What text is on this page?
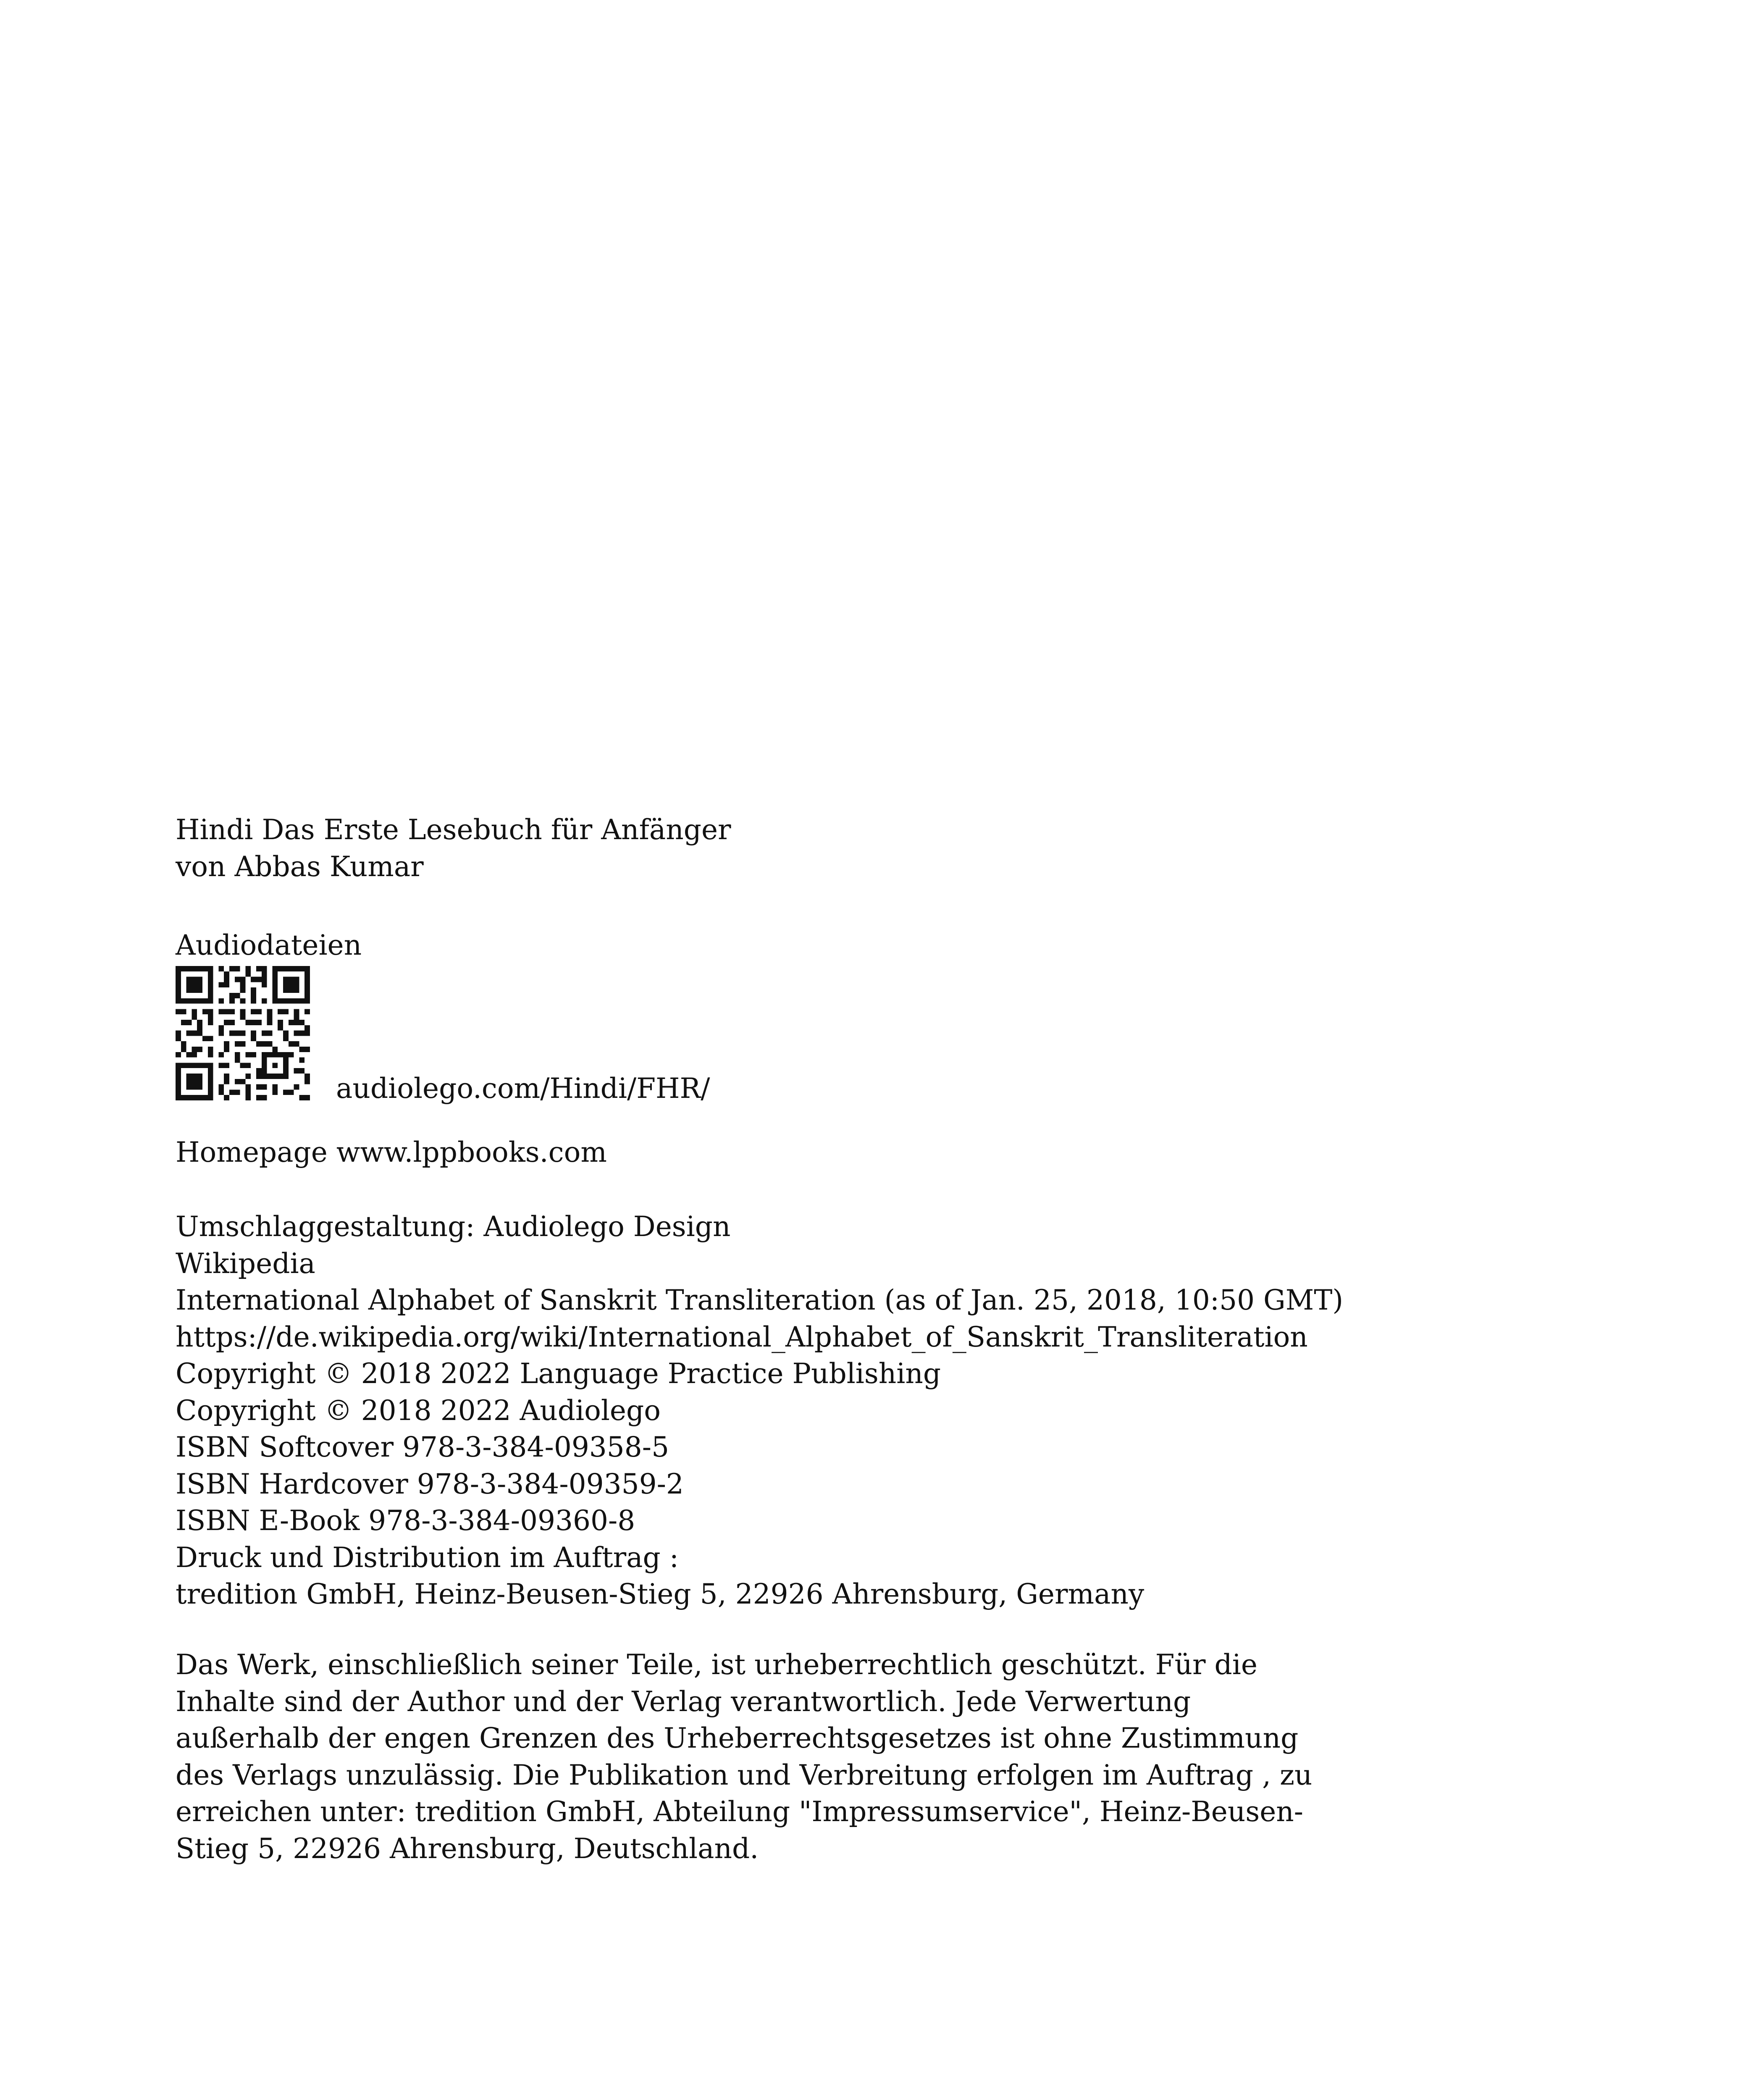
Hindi Das Erste Lesebuch für Anfänger
von Abbas Kumar
Audiodateien
audiolego.com/Hindi/FHR/
Homepage www.lppbooks.com
Umschlaggestaltung: Audiolego Design
Wikipedia
International Alphabet of Sanskrit Transliteration (as of Jan. 25, 2018, 10:50 GMT)
https://de.wikipedia.org/wiki/International_Alphabet_of_Sanskrit_Transliteration
Copyright © 2018 2022 Language Practice Publishing
Copyright © 2018 2022 Audiolego
ISBN Softcover 978-3-384-09358-5
ISBN Hardcover 978-3-384-09359-2
ISBN E-Book 978-3-384-09360-8
Druck und Distribution im Auftrag :
tredition GmbH, Heinz-Beusen-Stieg 5, 22926 Ahrensburg, Germany
Das Werk, einschließlich seiner Teile, ist urheberrechtlich geschützt. Für die
Inhalte sind der Author und der Verlag verantwortlich. Jede Verwertung
außerhalb der engen Grenzen des Urheberrechtsgesetzes ist ohne Zustimmung
des Verlags unzulässig. Die Publikation und Verbreitung erfolgen im Auftrag , zu
erreichen unter: tredition GmbH, Abteilung "Impressumservice", Heinz-Beusen-
Stieg 5, 22926 Ahrensburg, Deutschland.
